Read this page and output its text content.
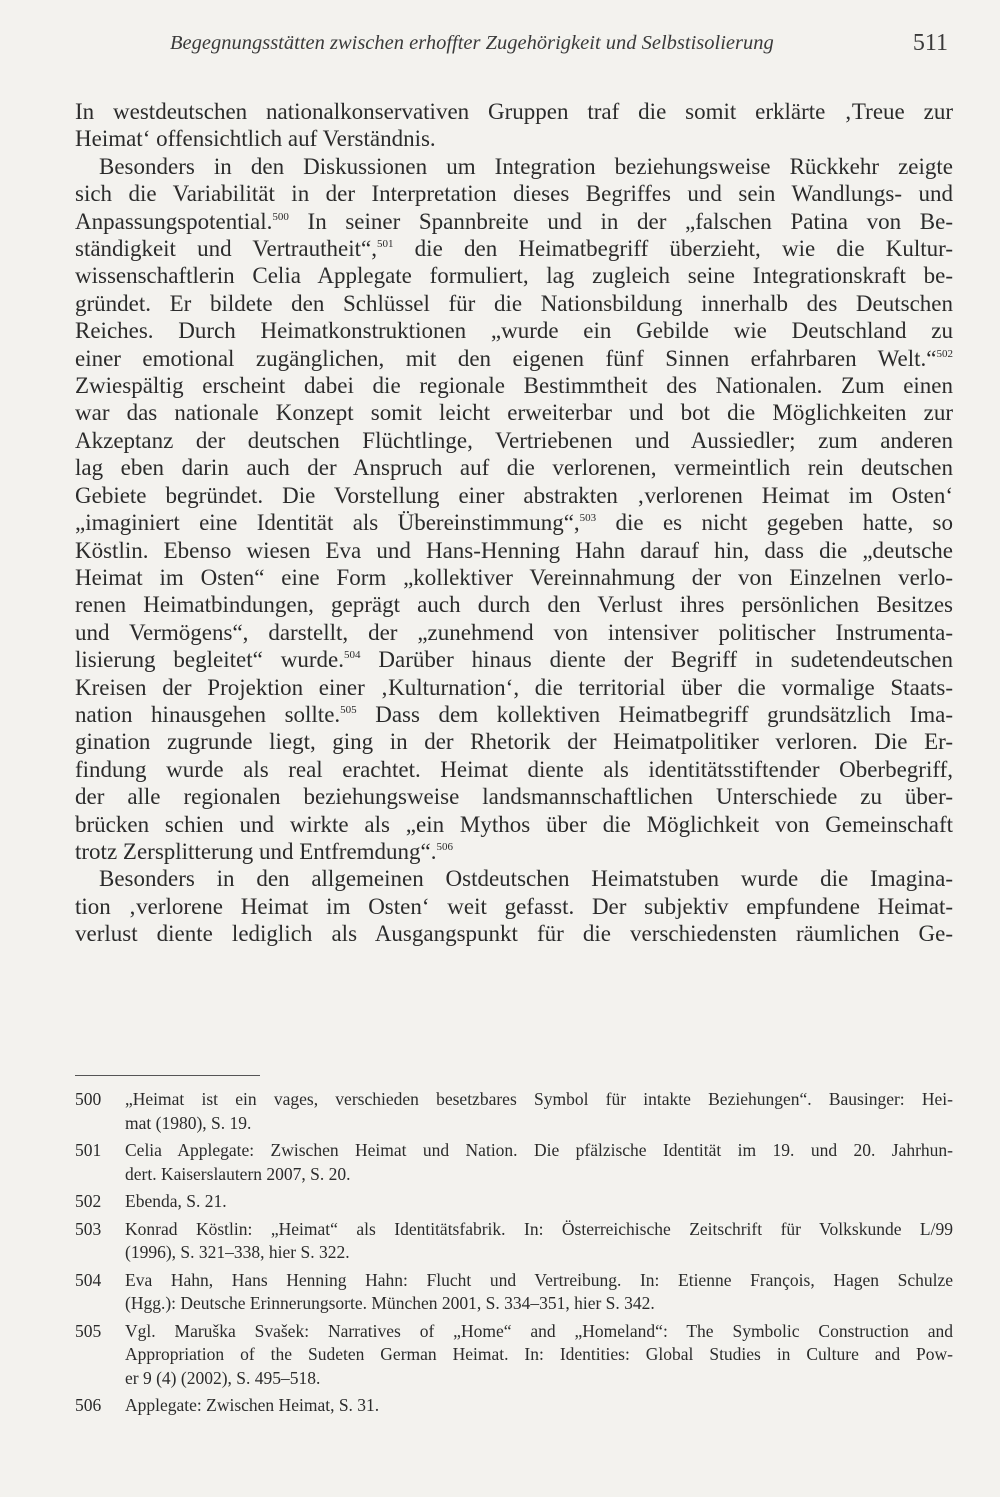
Begegnungsstätten zwischen erhoffter Zugehörigkeit und Selbstisolierung	511

In westdeutschen nationalkonservativen Gruppen traf die somit erklärte ‚Treue zur
Heimat‘ offensichtlich auf Verständnis.

Besonders in den Diskussionen um Integration beziehungsweise Rückkehr zeigte
sich die Variabilität in der Interpretation dieses Begriffes und sein Wandlungs- und
Anpassungspotential.$^{500}$ In seiner Spannbreite und in der „falschen Patina von Be-
ständigkeit und Vertrautheit“,$^{501}$ die den Heimatbegriff überzieht, wie die Kultur-
wissenschaftlerin Celia Applegate formuliert, lag zugleich seine Integrationskraft be-
gründet. Er bildete den Schlüssel für die Nationsbildung innerhalb des Deutschen
Reiches. Durch Heimatkonstruktionen „wurde ein Gebilde wie Deutschland zu
einer emotional zugänglichen, mit den eigenen fünf Sinnen erfahrbaren Welt.“$^{502}$
Zwiespältig erscheint dabei die regionale Bestimmtheit des Nationalen. Zum einen
war das nationale Konzept somit leicht erweiterbar und bot die Möglichkeiten zur
Akzeptanz der deutschen Flüchtlinge, Vertriebenen und Aussiedler; zum anderen
lag eben darin auch der Anspruch auf die verlorenen, vermeintlich rein deutschen
Gebiete begründet. Die Vorstellung einer abstrakten ‚verlorenen Heimat im Osten‘
„imaginiert eine Identität als Übereinstimmung“,$^{503}$ die es nicht gegeben hatte, so
Köstlin. Ebenso wiesen Eva und Hans-Henning Hahn darauf hin, dass die „deutsche
Heimat im Osten“ eine Form „kollektiver Vereinnahmung der von Einzelnen verlo-
renen Heimatbindungen, geprägt auch durch den Verlust ihres persönlichen Besitzes
und Vermögens“, darstellt, der „zunehmend von intensiver politischer Instrumenta-
lisierung begleitet“ wurde.$^{504}$ Darüber hinaus diente der Begriff in sudetendeutschen
Kreisen der Projektion einer ‚Kulturnation‘, die territorial über die vormalige Staats-
nation hinausgehen sollte.$^{505}$ Dass dem kollektiven Heimatbegriff grundsätzlich Ima-
gination zugrunde liegt, ging in der Rhetorik der Heimatpolitiker verloren. Die Er-
findung wurde als real erachtet. Heimat diente als identitätsstiftender Oberbegriff,
der alle regionalen beziehungsweise landsmannschaftlichen Unterschiede zu über-
brücken schien und wirkte als „ein Mythos über die Möglichkeit von Gemeinschaft
trotz Zersplitterung und Entfremdung“.$^{506}$

Besonders in den allgemeinen Ostdeutschen Heimatstuben wurde die Imagina-
tion ‚verlorene Heimat im Osten‘ weit gefasst. Der subjektiv empfundene Heimat-
verlust diente lediglich als Ausgangspunkt für die verschiedensten räumlichen Ge-

500 „Heimat ist ein vages, verschieden besetzbares Symbol für intakte Beziehungen“. Bausinger: Hei-
mat (1980), S. 19.
501 Celia Applegate: Zwischen Heimat und Nation. Die pfälzische Identität im 19. und 20. Jahrhun-
dert. Kaiserslautern 2007, S. 20.
502 Ebenda, S. 21.
503 Konrad Köstlin: „Heimat“ als Identitätsfabrik. In: Österreichische Zeitschrift für Volkskunde L/99
(1996), S. 321–338, hier S. 322.
504 Eva Hahn, Hans Henning Hahn: Flucht und Vertreibung. In: Etienne François, Hagen Schulze
(Hgg.): Deutsche Erinnerungsorte. München 2001, S. 334–351, hier S. 342.
505 Vgl. Maruška Svašek: Narratives of „Home“ and „Homeland“: The Symbolic Construction and
Appropriation of the Sudeten German Heimat. In: Identities: Global Studies in Culture and Pow-
er 9 (4) (2002), S. 495–518.
506 Applegate: Zwischen Heimat, S. 31.
